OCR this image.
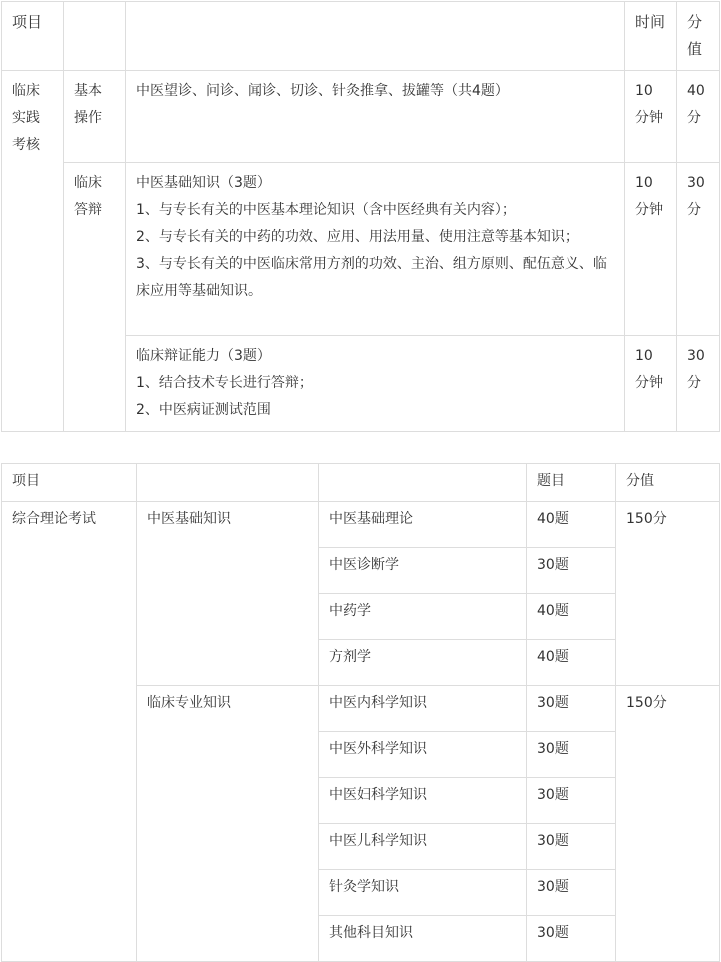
项目			时间	分值
临床实践考核	基本操作	中医望诊、问诊、闻诊、切诊、针灸推拿、拔罐等（共4题）	10分钟	40分
	临床答辩	中医基础知识（3题）
1、与专长有关的中医基本理论知识（含中医经典有关内容）；
2、与专长有关的中药的功效、应用、用法用量、使用注意等基本知识；
3、与专长有关的中医临床常用方剂的功效、主治、组方原则、配伍意义、临床应用等基础知识。	10分钟	30分

		临床辩证能力（3题）
1、结合技术专长进行答辩；
2、中医病证测试范围	10分钟	30分
项目			题目	分值
综合理论考试	中医基础知识	中医基础理论	40题	150分
		中医诊断学	30题	
		中药学	40题	
		方剂学	40题	
	临床专业知识	中医内科学知识	30题	150分
		中医外科学知识	30题	
		中医妇科学知识	30题	
		中医儿科学知识	30题	
		针灸学知识	30题	
		其他科目知识	30题	
